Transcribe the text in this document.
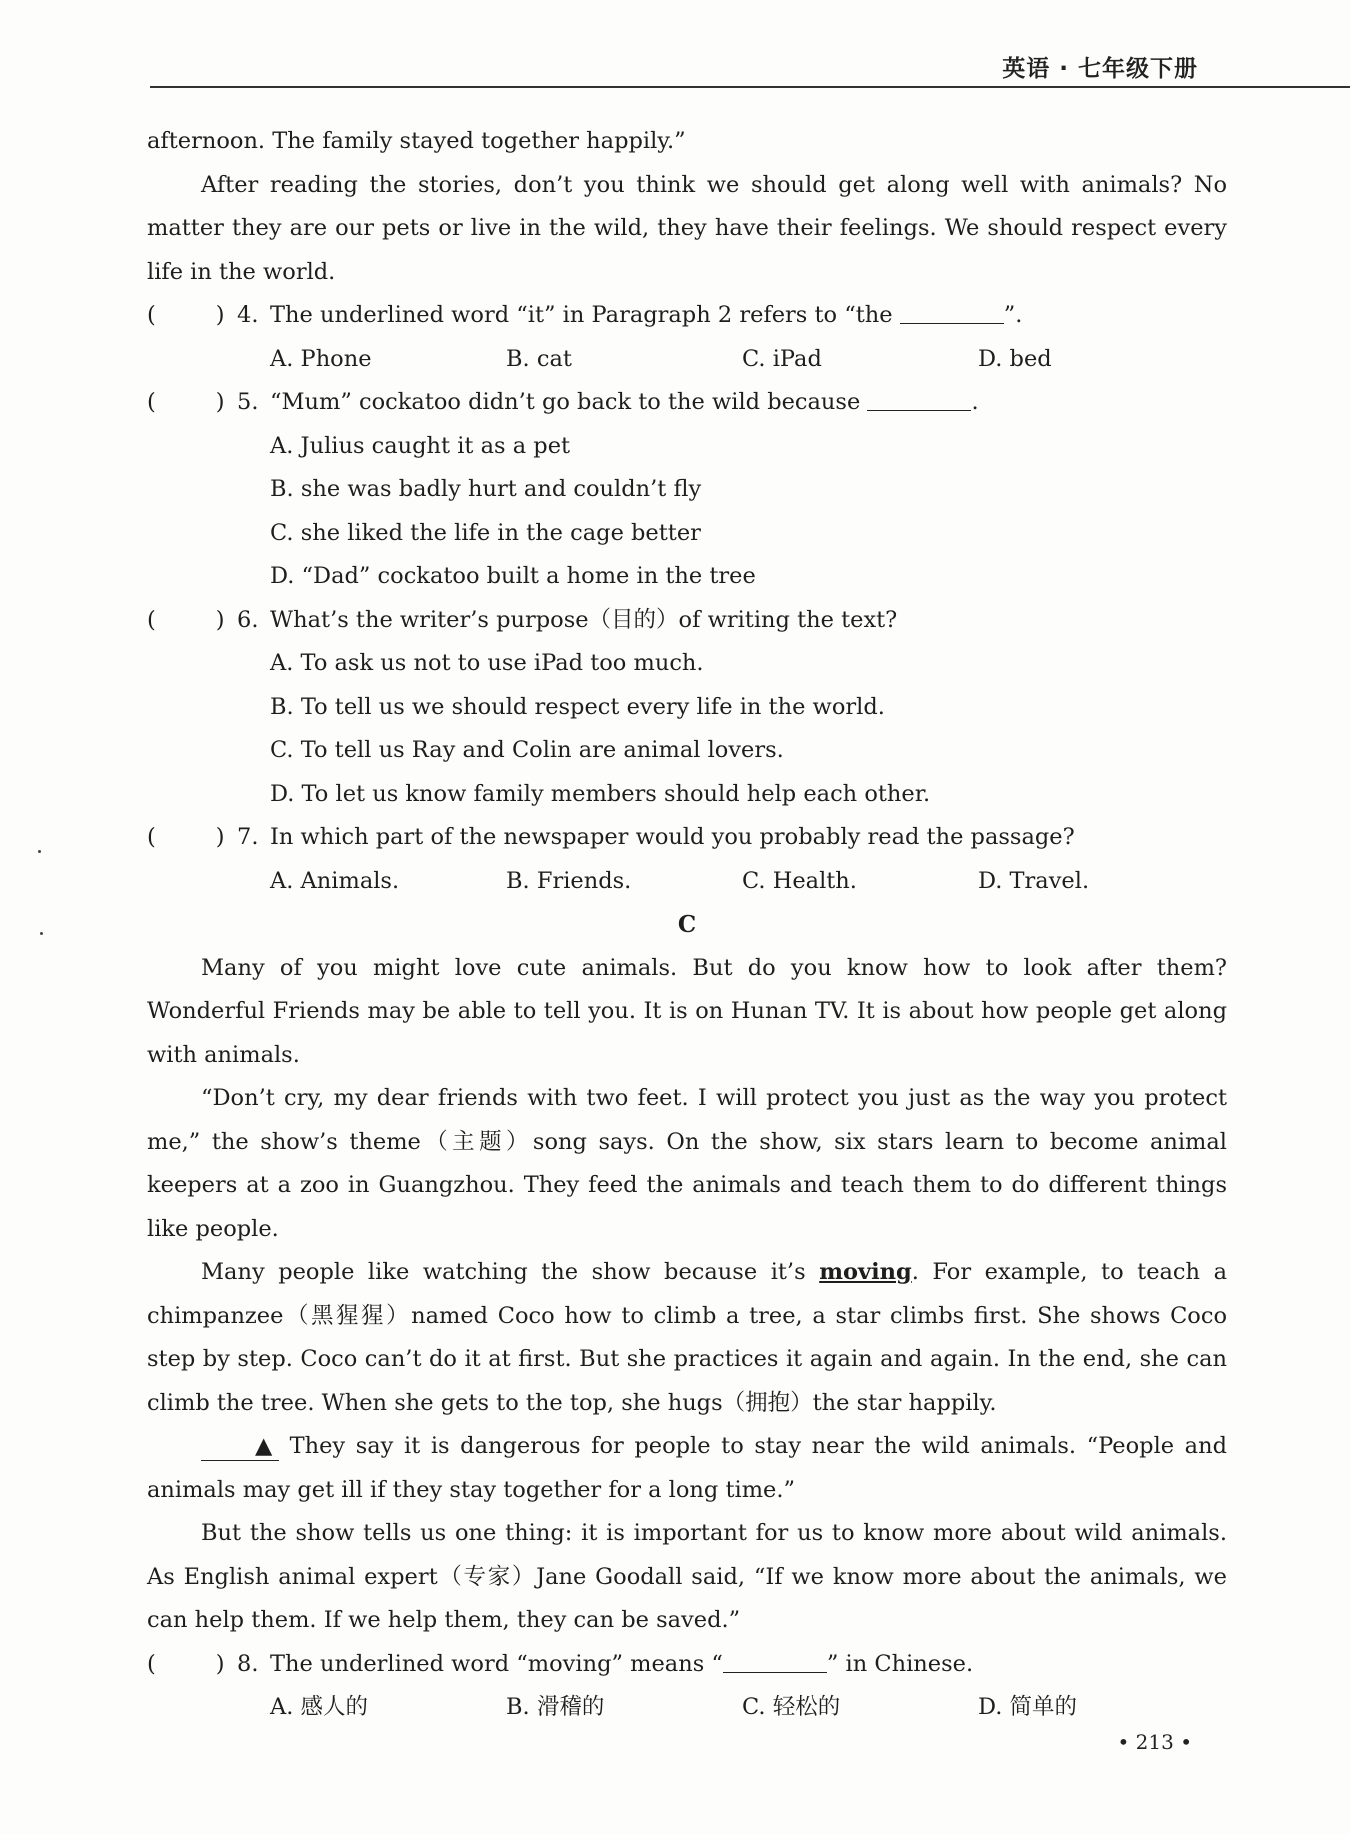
英语 · 七年级下册

afternoon. The family stayed together happily.”

After reading the stories, don’t you think we should get along well with animals? No matter they are our pets or live in the wild, they have their feelings. We should respect every life in the world.

(	) 4. The underlined word “it” in Paragraph 2 refers to “the	”.
A. Phone	B. cat	C. iPad	D. bed
(	) 5. “Mum” cockatoo didn’t go back to the wild because	.

A. Julius caught it as a pet

B. she was badly hurt and couldn’t fly

C. she liked the life in the cage better

D. “Dad” cockatoo built a home in the tree

(	) 6. What’s the writer’s purpose（目的）of writing the text?

A. To ask us not to use iPad too much.

B. To tell us we should respect every life in the world.

C. To tell us Ray and Colin are animal lovers.

D. To let us know family members should help each other.

(	) 7. In which part of the newspaper would you probably read the passage?
A. Animals.	B. Friends.	C. Health.	D. Travel.

C

Many of you might love cute animals. But do you know how to look after them? Wonderful Friends may be able to tell you. It is on Hunan TV. It is about how people get along with animals.

“Don’t cry, my dear friends with two feet. I will protect you just as the way you protect me,” the show’s theme（主题）song says. On the show, six stars learn to become animal keepers at a zoo in Guangzhou. They feed the animals and teach them to do different things like people.

Many people like watching the show because it’s moving. For example, to teach a chimpanzee（黑猩猩）named Coco how to climb a tree, a star climbs first. She shows Coco step by step. Coco can’t do it at first. But she practices it again and again. In the end, she can climb the tree. When she gets to the top, she hugs（拥抱）the star happily.

▲ They say it is dangerous for people to stay near the wild animals. “People and animals may get ill if they stay together for a long time.”

But the show tells us one thing: it is important for us to know more about wild animals. As English animal expert（专家）Jane Goodall said, “If we know more about the animals, we can help them. If we help them, they can be saved.”

(	) 8. The underlined word “moving” means “	” in Chinese.
A. 感人的	B. 滑稽的	C. 轻松的	D. 简单的
• 213 •
